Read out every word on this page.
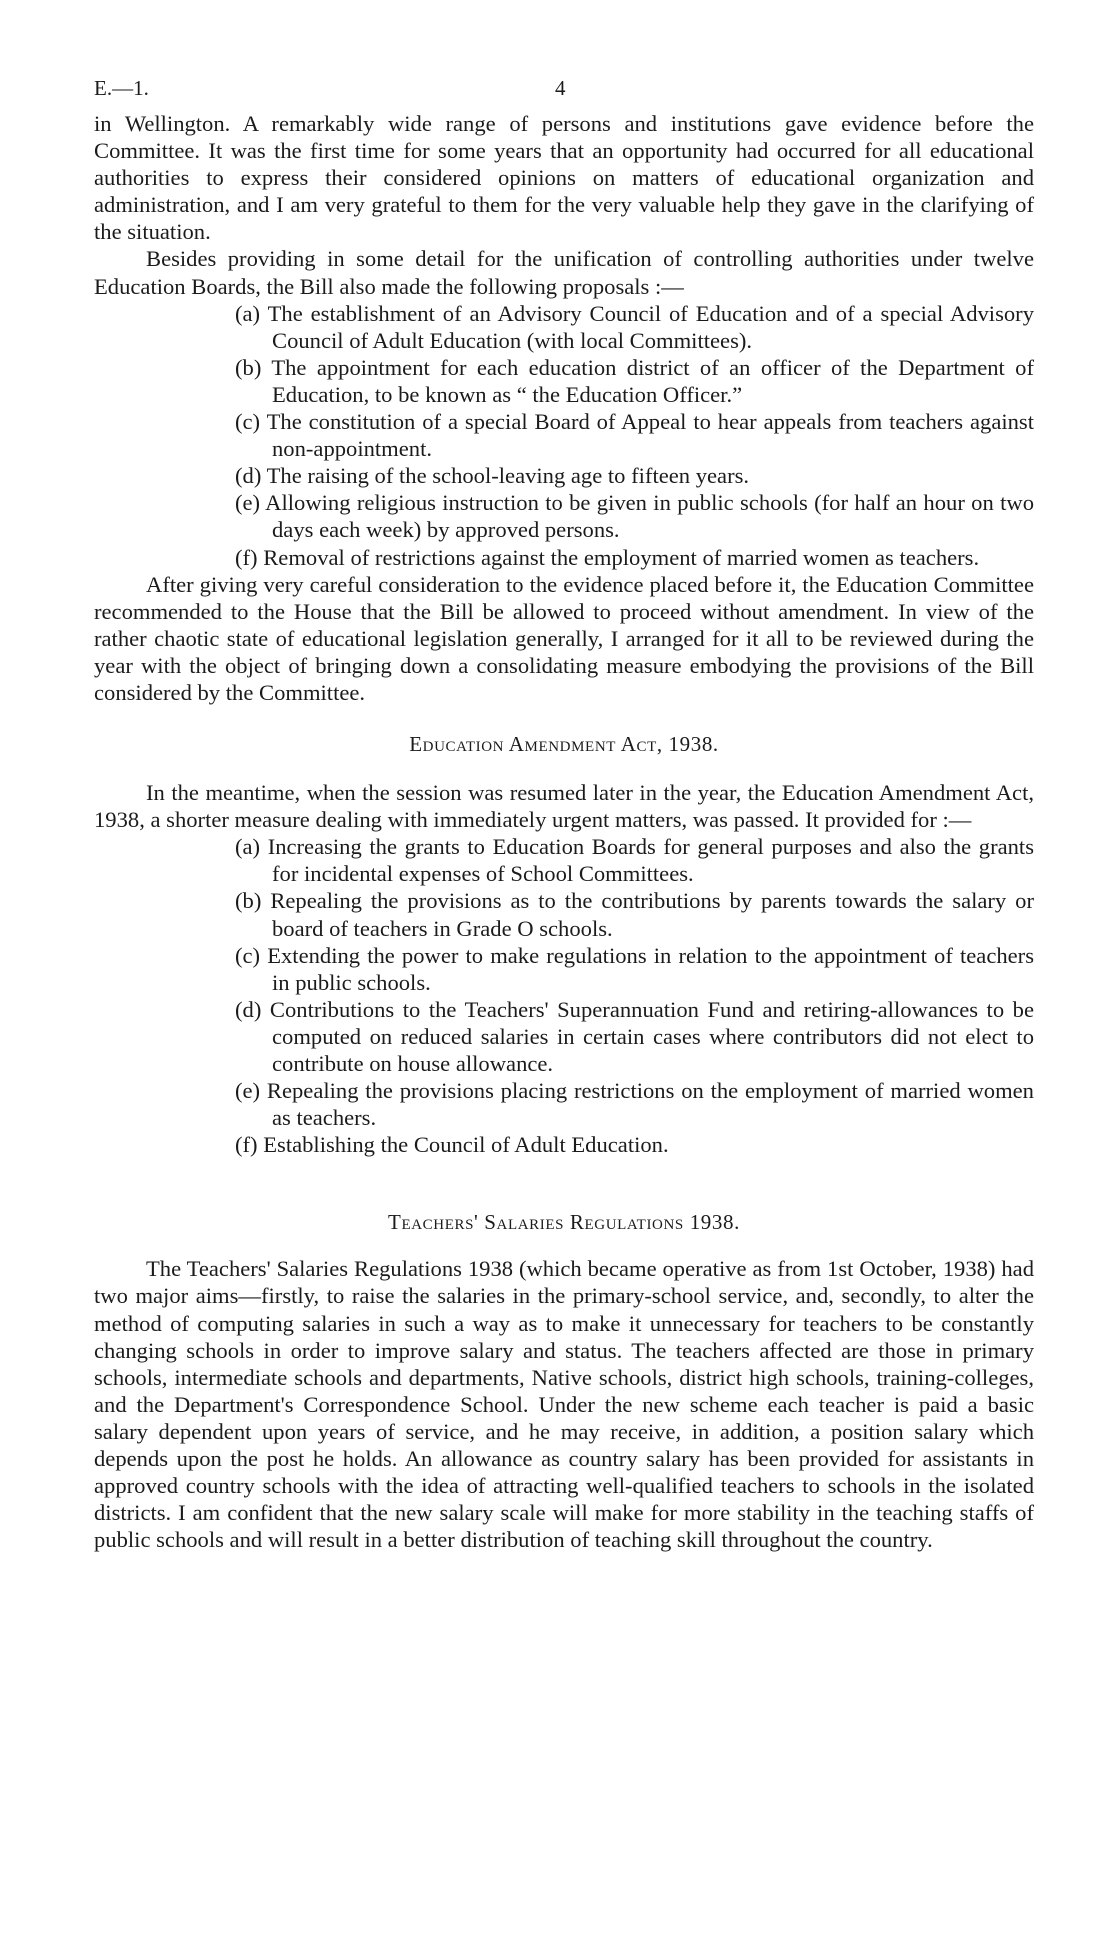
E.—1.	4

in Wellington. A remarkably wide range of persons and institutions gave evidence before the Committee. It was the first time for some years that an opportunity had occurred for all educational authorities to express their considered opinions on matters of educational organization and administration, and I am very grateful to them for the very valuable help they gave in the clarifying of the situation.

Besides providing in some detail for the unification of controlling authorities under twelve Education Boards, the Bill also made the following proposals :—

(a) The establishment of an Advisory Council of Education and of a special Advisory Council of Adult Education (with local Committees).
(b) The appointment for each education district of an officer of the Department of Education, to be known as “ the Education Officer.”
(c) The constitution of a special Board of Appeal to hear appeals from teachers against non-appointment.
(d) The raising of the school-leaving age to fifteen years.
(e) Allowing religious instruction to be given in public schools (for half an hour on two days each week) by approved persons.
(f) Removal of restrictions against the employment of married women as teachers.

After giving very careful consideration to the evidence placed before it, the Education Committee recommended to the House that the Bill be allowed to proceed without amendment. In view of the rather chaotic state of educational legislation generally, I arranged for it all to be reviewed during the year with the object of bringing down a consolidating measure embodying the provisions of the Bill considered by the Committee.

Education Amendment Act, 1938.

In the meantime, when the session was resumed later in the year, the Education Amendment Act, 1938, a shorter measure dealing with immediately urgent matters, was passed. It provided for :—

(a) Increasing the grants to Education Boards for general purposes and also the grants for incidental expenses of School Committees.
(b) Repealing the provisions as to the contributions by parents towards the salary or board of teachers in Grade O schools.
(c) Extending the power to make regulations in relation to the appointment of teachers in public schools.
(d) Contributions to the Teachers' Superannuation Fund and retiring-allowances to be computed on reduced salaries in certain cases where contributors did not elect to contribute on house allowance.
(e) Repealing the provisions placing restrictions on the employment of married women as teachers.
(f) Establishing the Council of Adult Education.
Teachers' Salaries Regulations 1938.

The Teachers' Salaries Regulations 1938 (which became operative as from 1st October, 1938) had two major aims—firstly, to raise the salaries in the primary-school service, and, secondly, to alter the method of computing salaries in such a way as to make it unnecessary for teachers to be constantly changing schools in order to improve salary and status. The teachers affected are those in primary schools, intermediate schools and departments, Native schools, district high schools, training-colleges, and the Department's Correspondence School. Under the new scheme each teacher is paid a basic salary dependent upon years of service, and he may receive, in addition, a position salary which depends upon the post he holds. An allowance as country salary has been provided for assistants in approved country schools with the idea of attracting well-qualified teachers to schools in the isolated districts. I am confident that the new salary scale will make for more stability in the teaching staffs of public schools and will result in a better distribution of teaching skill throughout the country.
